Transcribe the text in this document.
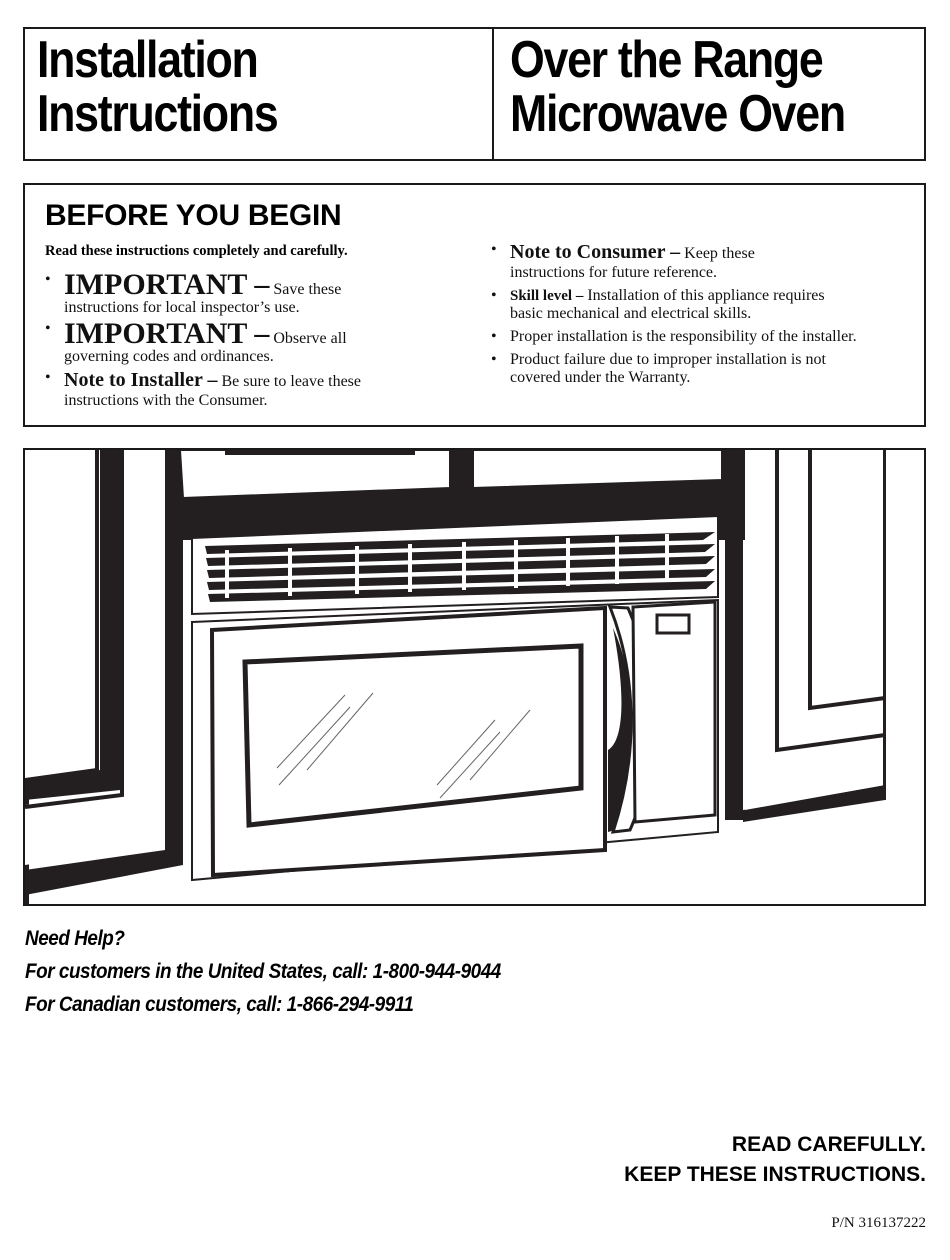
Installation
Instructions
Over the Range
Microwave Oven
BEFORE YOU BEGIN
Read these instructions completely and carefully.
• IMPORTANT – Save these
instructions for local inspector’s use.
• IMPORTANT – Observe all
governing codes and ordinances.
• Note to Installer – Be sure to leave these
instructions with the Consumer.
• Note to Consumer – Keep these
instructions for future reference.
• Skill level – Installation of this appliance requires
basic mechanical and electrical skills.
• Proper installation is the responsibility of the installer.
• Product failure due to improper installation is not
covered under the Warranty.
Need Help?
For customers in the United States, call: 1-800-944-9044
For Canadian customers, call: 1-866-294-9911
READ CAREFULLY.
KEEP THESE INSTRUCTIONS.
P/N 316137222
